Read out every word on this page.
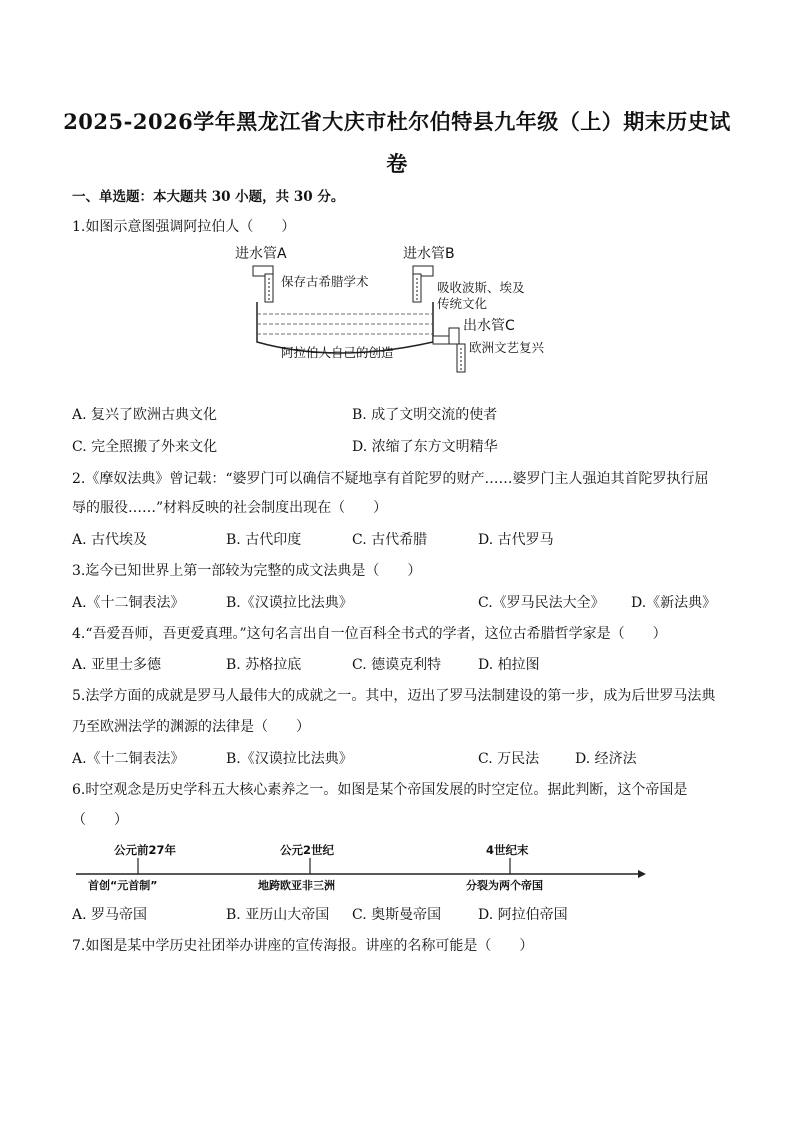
2025-2026学年黑龙江省大庆市杜尔伯特县九年级（上）期末历史试
卷
一、单选题：本大题共 30 小题，共 30 分。
1.如图示意图强调阿拉伯人（　　）
进水管A
保存古希腊学术
进水管B
吸收波斯、埃及
传统文化
出水管C
欧洲文艺复兴
阿拉伯人自己的创造
A. 复兴了欧洲古典文化	B. 成了文明交流的使者
C. 完全照搬了外来文化	D. 浓缩了东方文明精华
2.《摩奴法典》曾记载：“婆罗门可以确信不疑地享有首陀罗的财产……婆罗门主人强迫其首陀罗执行屈
辱的服役……”材料反映的社会制度出现在（　　）
A. 古代埃及	B. 古代印度	C. 古代希腊	D. 古代罗马
3.迄今已知世界上第一部较为完整的成文法典是（　　）
A.《十二铜表法》	B.《汉谟拉比法典》	C.《罗马民法大全》 D.《新法典》
4.“吾爱吾师，吾更爱真理。”这句名言出自一位百科全书式的学者，这位古希腊哲学家是（　　）
A. 亚里士多德	B. 苏格拉底	C. 德谟克利特	D. 柏拉图
5.法学方面的成就是罗马人最伟大的成就之一。其中，迈出了罗马法制建设的第一步，成为后世罗马法典
乃至欧洲法学的渊源的法律是（　　）
A.《十二铜表法》	B.《汉谟拉比法典》	C. 万民法	D. 经济法
6.时空观念是历史学科五大核心素养之一。如图是某个帝国发展的时空定位。据此判断，这个帝国是
（　　）
公元前27年	公元2世纪	4世纪末
首创“元首制”	地跨欧亚非三洲	分裂为两个帝国
A. 罗马帝国	B. 亚历山大帝国 C. 奥斯曼帝国	D. 阿拉伯帝国
7.如图是某中学历史社团举办讲座的宣传海报。讲座的名称可能是（　　）
